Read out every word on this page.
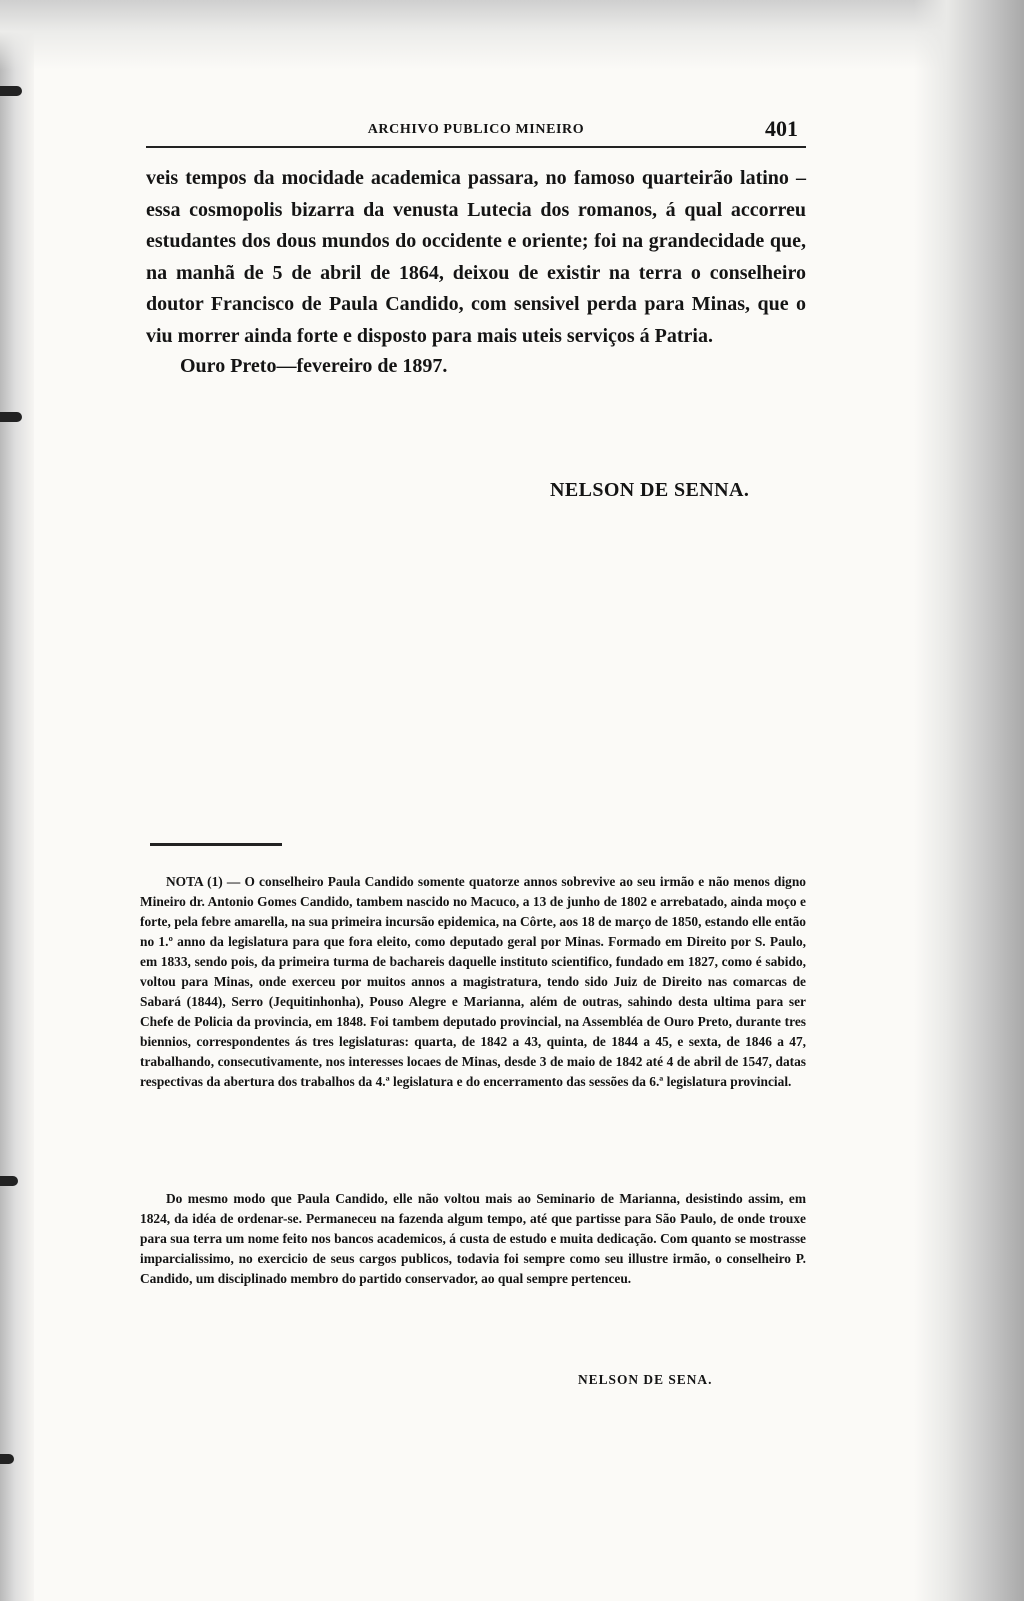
ARCHIVO PUBLICO MINEIRO	401
veis tempos da mocidade academica passara, no famoso quarteirão latino – essa cosmopolis bizarra da venusta Lutecia dos romanos, á qual accorreu estudantes dos dous mundos do occidente e oriente; foi na grandecidade que, na manhã de 5 de abril de 1864, deixou de existir na terra o conselheiro doutor Francisco de Paula Candido, com sensivel perda para Minas, que o viu morrer ainda forte e disposto para mais uteis serviços á Patria.
Ouro Preto—fevereiro de 1897.
NELSON DE SENNA.
NOTA (1) — O conselheiro Paula Candido somente quatorze annos sobrevive ao seu irmão e não menos digno Mineiro dr. Antonio Gomes Candido, tambem nascido no Macuco, a 13 de junho de 1802 e arrebatado, ainda moço e forte, pela febre amarella, na sua primeira incursão epidemica, na Côrte, aos 18 de março de 1850, estando elle então no 1.º anno da legislatura para que fora eleito, como deputado geral por Minas. Formado em Direito por S. Paulo, em 1833, sendo pois, da primeira turma de bachareis daquelle instituto scientifico, fundado em 1827, como é sabido, voltou para Minas, onde exerceu por muitos annos a magistratura, tendo sido Juiz de Direito nas comarcas de Sabará (1844), Serro (Jequitinhonha), Pouso Alegre e Marianna, além de outras, sahindo desta ultima para ser Chefe de Policia da provincia, em 1848. Foi tambem deputado provincial, na Assembléa de Ouro Preto, durante tres biennios, correspondentes ás tres legislaturas: quarta, de 1842 a 43, quinta, de 1844 a 45, e sexta, de 1846 a 47, trabalhando, consecutivamente, nos interesses locaes de Minas, desde 3 de maio de 1842 até 4 de abril de 1547, datas respectivas da abertura dos trabalhos da 4.ª legislatura e do encerramento das sessões da 6.ª legislatura provincial.
Do mesmo modo que Paula Candido, elle não voltou mais ao Seminario de Marianna, desistindo assim, em 1824, da idéa de ordenar-se. Permaneceu na fazenda algum tempo, até que partisse para São Paulo, de onde trouxe para sua terra um nome feito nos bancos academicos, á custa de estudo e muita dedicação. Com quanto se mostrasse imparcialissimo, no exercicio de seus cargos publicos, todavia foi sempre como seu illustre irmão, o conselheiro P. Candido, um disciplinado membro do partido conservador, ao qual sempre pertenceu.
NELSON DE SENA.
